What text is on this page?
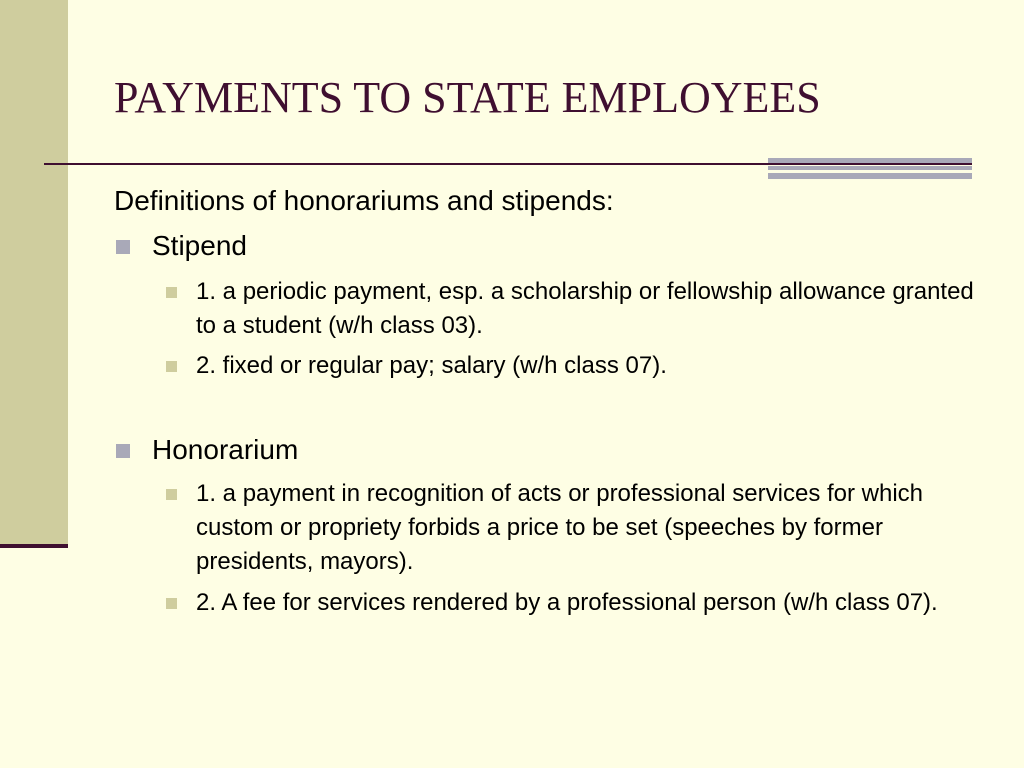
PAYMENTS TO STATE EMPLOYEES
Definitions of honorariums and stipends:
Stipend
1. a periodic payment, esp. a scholarship or fellowship allowance granted to a student (w/h class 03).
2. fixed or regular pay; salary (w/h class 07).
Honorarium
1. a payment in recognition of acts or professional services for which custom or propriety forbids a price to be set (speeches by former presidents, mayors).
2. A fee for services rendered by a professional person (w/h class 07).
